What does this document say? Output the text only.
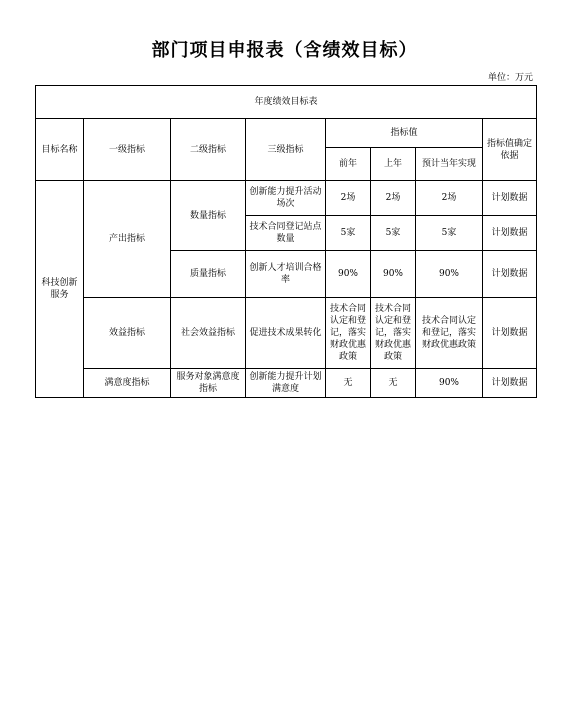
部门项目申报表（含绩效目标）
单位：万元
年度绩效目标表							
目标名称	一级指标	二级指标	三级指标	指标值			指标值确定依据
				前年	上年	预计当年实现	
科技创新服务	产出指标	数量指标	创新能力提升活动场次	2场	2场	2场	计划数据
			技术合同登记站点数量	5家	5家	5家	计划数据
		质量指标	创新人才培训合格率	90%	90%	90%	计划数据
	效益指标	社会效益指标	促进技术成果转化	技术合同认定和登记，落实财政优惠政策	技术合同认定和登记，落实财政优惠政策	技术合同认定和登记，落实财政优惠政策	计划数据
	满意度指标	服务对象满意度指标	创新能力提升计划满意度	无	无	90%	计划数据
